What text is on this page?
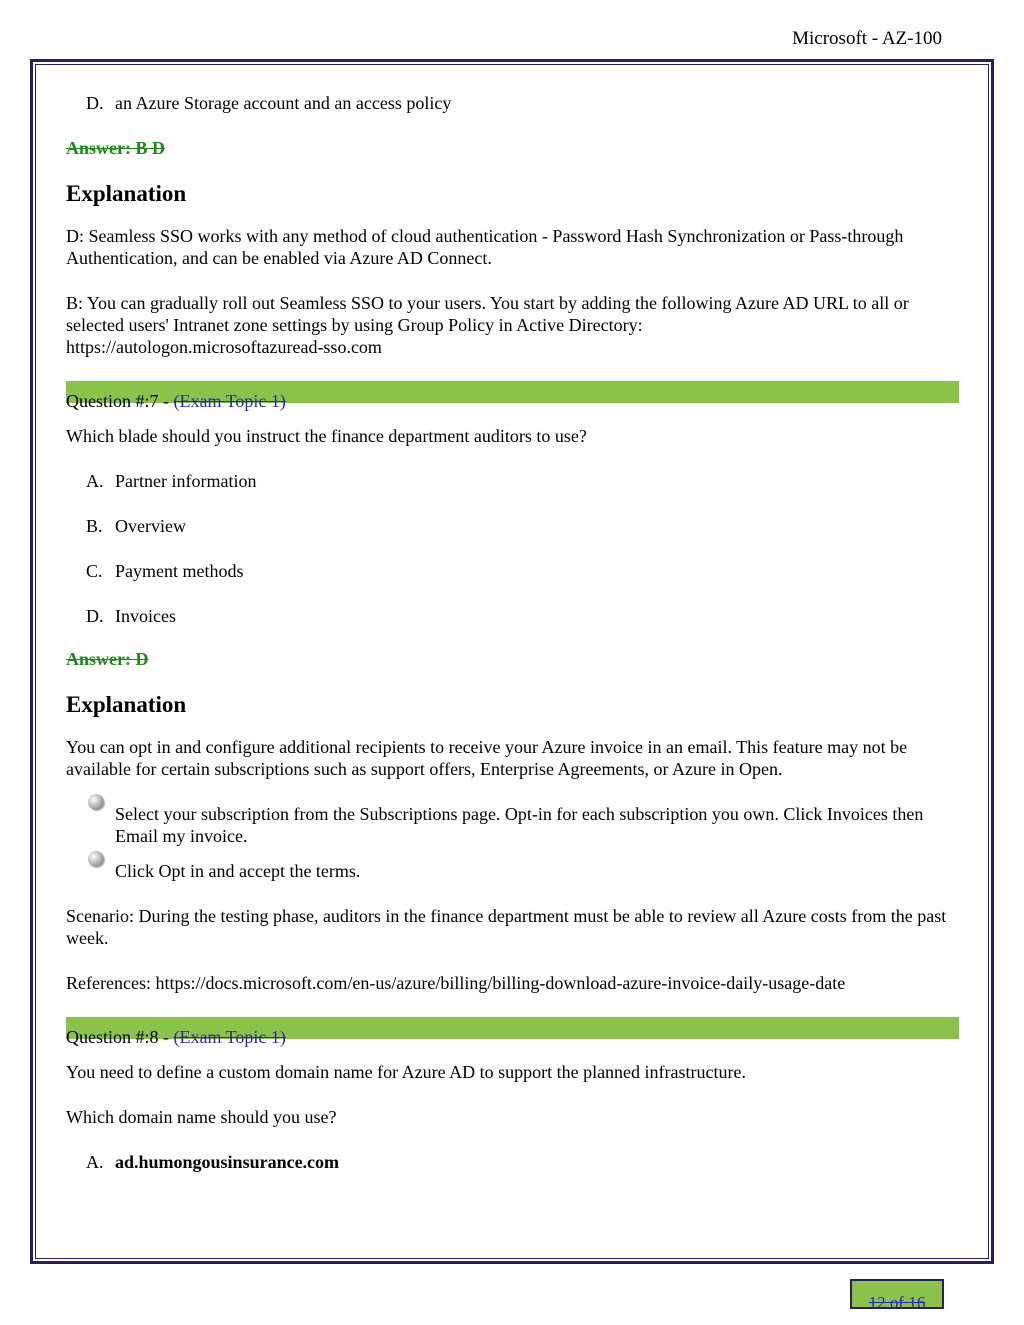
Microsoft - AZ-100
D. an Azure Storage account and an access policy

Answer: B D

Explanation

D: Seamless SSO works with any method of cloud authentication - Password Hash Synchronization or Pass-through Authentication, and can be enabled via Azure AD Connect.

B: You can gradually roll out Seamless SSO to your users. You start by adding the following Azure AD URL to all or selected users' Intranet zone settings by using Group Policy in Active Directory:
https://autologon.microsoftazuread-sso.com

Question #:7 - (Exam Topic 1)

Which blade should you instruct the finance department auditors to use?

A. Partner information
B. Overview
C. Payment methods
D. Invoices

Answer: D

Explanation

You can opt in and configure additional recipients to receive your Azure invoice in an email. This feature may not be available for certain subscriptions such as support offers, Enterprise Agreements, or Azure in Open.

Select your subscription from the Subscriptions page. Opt-in for each subscription you own. Click Invoices then Email my invoice.
Click Opt in and accept the terms.

Scenario: During the testing phase, auditors in the finance department must be able to review all Azure costs from the past week.

References: https://docs.microsoft.com/en-us/azure/billing/billing-download-azure-invoice-daily-usage-date

Question #:8 - (Exam Topic 1)

You need to define a custom domain name for Azure AD to support the planned infrastructure.

Which domain name should you use?

A. ad.humongousinsurance.com
12 of 16
